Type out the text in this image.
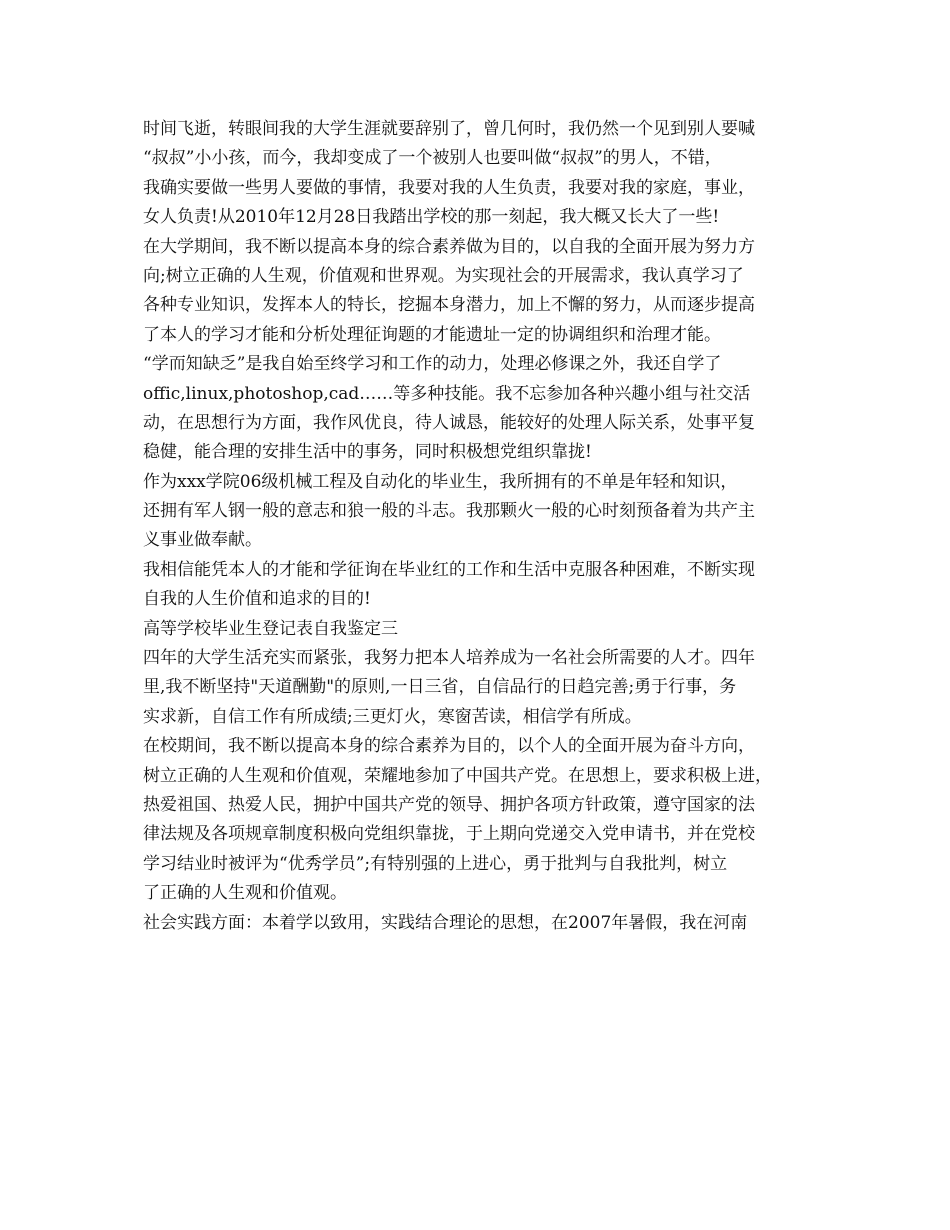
时间飞逝，转眼间我的大学生涯就要辞别了，曾几何时，我仍然一个见到别人要喊
“叔叔”小小孩，而今，我却变成了一个被别人也要叫做“叔叔”的男人，不错，
我确实要做一些男人要做的事情，我要对我的人生负责，我要对我的家庭，事业，
女人负责!从2010年12月28日我踏出学校的那一刻起，我大概又长大了一些!
在大学期间，我不断以提高本身的综合素养做为目的，以自我的全面开展为努力方
向;树立正确的人生观，价值观和世界观。为实现社会的开展需求，我认真学习了
各种专业知识，发挥本人的特长，挖掘本身潜力，加上不懈的努力，从而逐步提高
了本人的学习才能和分析处理征询题的才能遗址一定的协调组织和治理才能。
“学而知缺乏”是我自始至终学习和工作的动力，处理必修课之外，我还自学了
offic,linux,photoshop,cad……等多种技能。我不忘参加各种兴趣小组与社交活
动，在思想行为方面，我作风优良，待人诚恳，能较好的处理人际关系，处事平复
稳健，能合理的安排生活中的事务，同时积极想党组织靠拢!
作为xxx学院06级机械工程及自动化的毕业生，我所拥有的不单是年轻和知识，
还拥有军人钢一般的意志和狼一般的斗志。我那颗火一般的心时刻预备着为共产主
义事业做奉献。
我相信能凭本人的才能和学征询在毕业红的工作和生活中克服各种困难，不断实现
自我的人生价值和追求的目的!
高等学校毕业生登记表自我鉴定三
四年的大学生活充实而紧张，我努力把本人培养成为一名社会所需要的人才。四年
里,我不断坚持"天道酬勤"的原则,一日三省，自信品行的日趋完善;勇于行事，务
实求新，自信工作有所成绩;三更灯火，寒窗苦读，相信学有所成。
在校期间，我不断以提高本身的综合素养为目的，以个人的全面开展为奋斗方向，
树立正确的人生观和价值观，荣耀地参加了中国共产党。在思想上，要求积极上进，
热爱祖国、热爱人民，拥护中国共产党的领导、拥护各项方针政策，遵守国家的法
律法规及各项规章制度积极向党组织靠拢，于上期向党递交入党申请书，并在党校
学习结业时被评为“优秀学员”;有特别强的上进心，勇于批判与自我批判，树立
了正确的人生观和价值观。
社会实践方面：本着学以致用，实践结合理论的思想，在2007年暑假，我在河南
